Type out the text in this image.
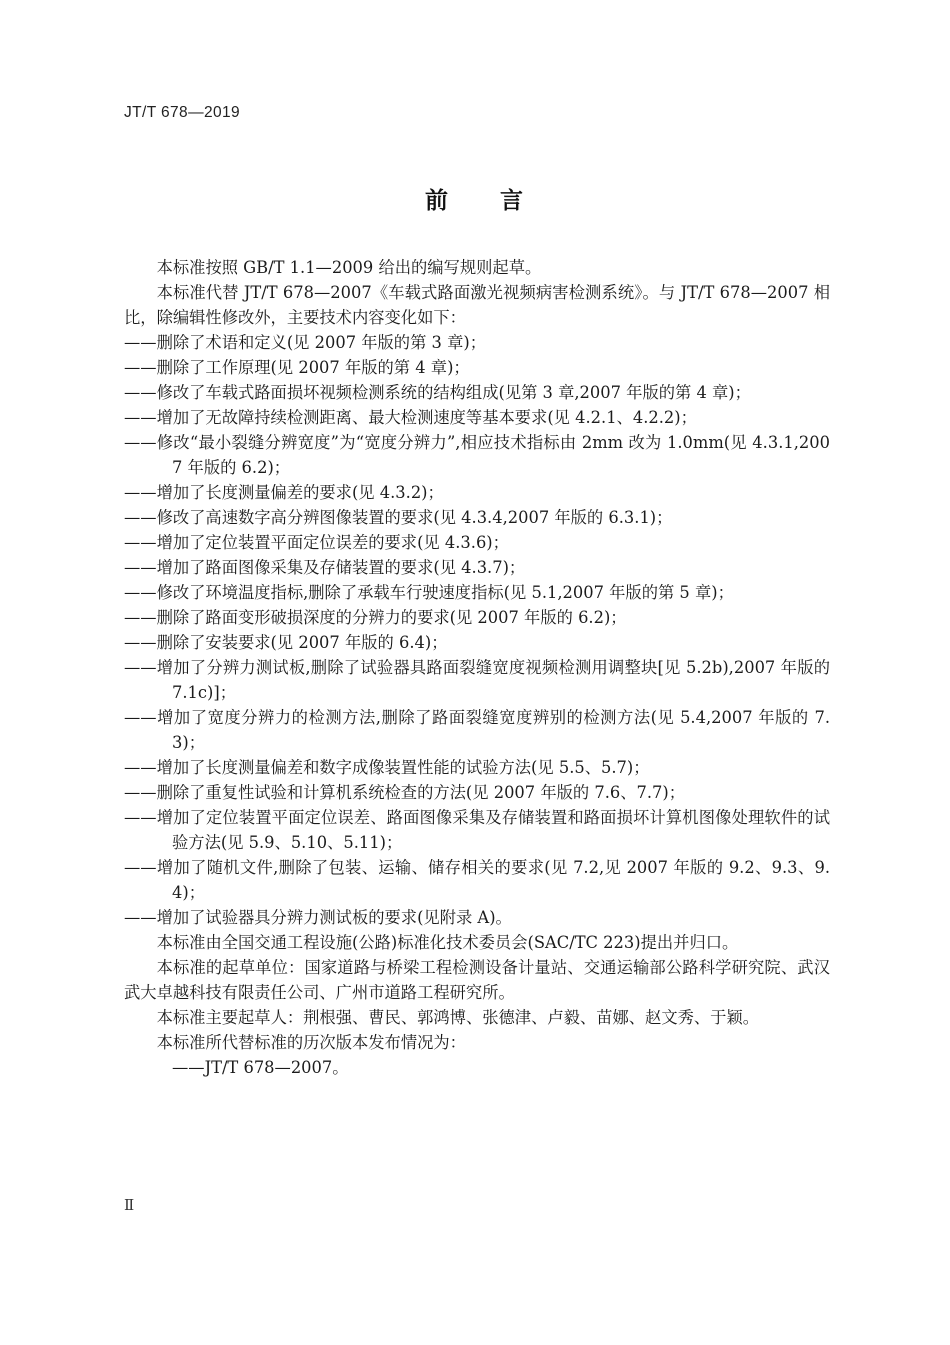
JT/T 678—2019
前　　言

本标准按照 GB/T 1.1—2009 给出的编写规则起草。

本标准代替 JT/T 678—2007《车载式路面激光视频病害检测系统》。与 JT/T 678—2007 相比，除编辑性修改外，主要技术内容变化如下：

——删除了术语和定义(见 2007 年版的第 3 章)；

——删除了工作原理(见 2007 年版的第 4 章)；

——修改了车载式路面损坏视频检测系统的结构组成(见第 3 章,2007 年版的第 4 章)；

——增加了无故障持续检测距离、最大检测速度等基本要求(见 4.2.1、4.2.2)；

——修改“最小裂缝分辨宽度”为“宽度分辨力”,相应技术指标由 2mm 改为 1.0mm(见 4.3.1,2007 年版的 6.2)；

——增加了长度测量偏差的要求(见 4.3.2)；

——修改了高速数字高分辨图像装置的要求(见 4.3.4,2007 年版的 6.3.1)；

——增加了定位装置平面定位误差的要求(见 4.3.6)；

——增加了路面图像采集及存储装置的要求(见 4.3.7)；

——修改了环境温度指标,删除了承载车行驶速度指标(见 5.1,2007 年版的第 5 章)；

——删除了路面变形破损深度的分辨力的要求(见 2007 年版的 6.2)；

——删除了安装要求(见 2007 年版的 6.4)；

——增加了分辨力测试板,删除了试验器具路面裂缝宽度视频检测用调整块[见 5.2b),2007 年版的 7.1c)]；

——增加了宽度分辨力的检测方法,删除了路面裂缝宽度辨别的检测方法(见 5.4,2007 年版的 7.3)；

——增加了长度测量偏差和数字成像装置性能的试验方法(见 5.5、5.7)；

——删除了重复性试验和计算机系统检查的方法(见 2007 年版的 7.6、7.7)；

——增加了定位装置平面定位误差、路面图像采集及存储装置和路面损坏计算机图像处理软件的试验方法(见 5.9、5.10、5.11)；

——增加了随机文件,删除了包装、运输、储存相关的要求(见 7.2,见 2007 年版的 9.2、9.3、9.4)；

——增加了试验器具分辨力测试板的要求(见附录 A)。

本标准由全国交通工程设施(公路)标准化技术委员会(SAC/TC 223)提出并归口。

本标准的起草单位：国家道路与桥梁工程检测设备计量站、交通运输部公路科学研究院、武汉武大卓越科技有限责任公司、广州市道路工程研究所。

本标准主要起草人：荆根强、曹民、郭鸿博、张德津、卢毅、苗娜、赵文秀、于颖。

本标准所代替标准的历次版本发布情况为：

——JT/T 678—2007。

Ⅱ
